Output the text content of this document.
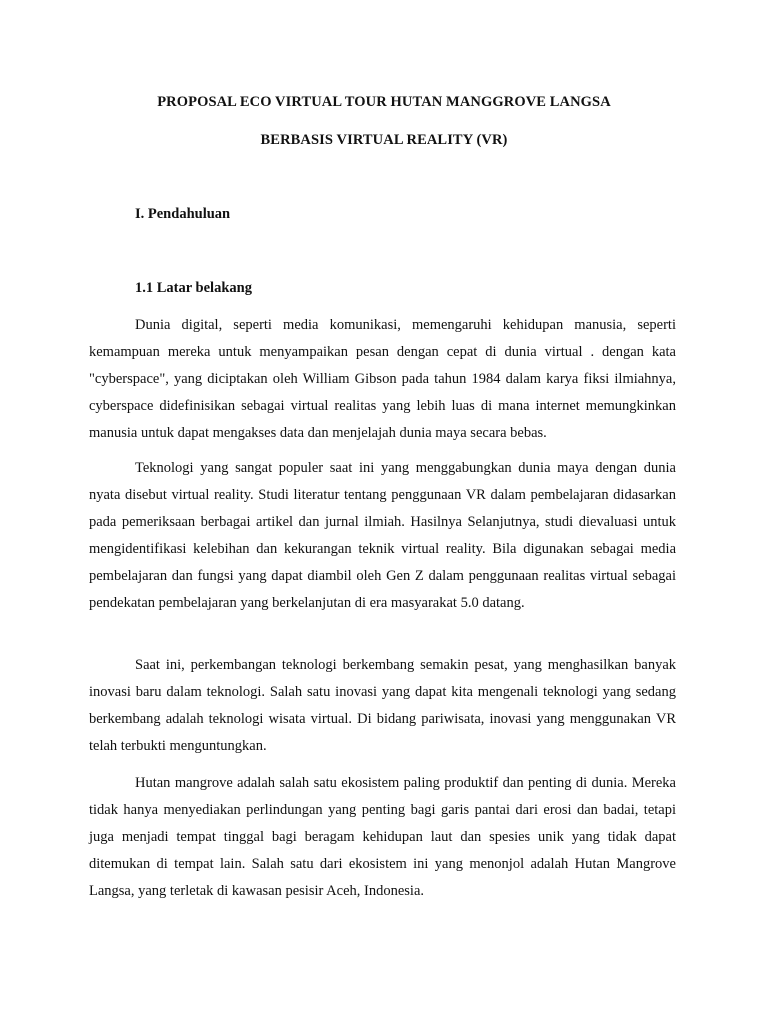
PROPOSAL ECO VIRTUAL TOUR HUTAN MANGGROVE LANGSA
BERBASIS VIRTUAL REALITY (VR)
I. Pendahuluan
1.1 Latar belakang

Dunia digital, seperti media komunikasi, memengaruhi kehidupan manusia, seperti kemampuan mereka untuk menyampaikan pesan dengan cepat di dunia virtual . dengan kata "cyberspace", yang diciptakan oleh William Gibson pada tahun 1984 dalam karya fiksi ilmiahnya, cyberspace didefinisikan sebagai virtual realitas yang lebih luas di mana internet memungkinkan manusia untuk dapat mengakses data dan menjelajah dunia maya secara bebas.

Teknologi yang sangat populer saat ini yang menggabungkan dunia maya dengan dunia nyata disebut virtual reality. Studi literatur tentang penggunaan VR dalam pembelajaran didasarkan pada pemeriksaan berbagai artikel dan jurnal ilmiah. Hasilnya Selanjutnya, studi dievaluasi untuk mengidentifikasi kelebihan dan kekurangan teknik virtual reality. Bila digunakan sebagai media pembelajaran dan fungsi yang dapat diambil oleh Gen Z dalam penggunaan realitas virtual sebagai pendekatan pembelajaran yang berkelanjutan di era masyarakat 5.0 datang.

Saat ini, perkembangan teknologi berkembang semakin pesat, yang menghasilkan banyak inovasi baru dalam teknologi. Salah satu inovasi yang dapat kita mengenali teknologi yang sedang berkembang adalah teknologi wisata virtual. Di bidang pariwisata, inovasi yang menggunakan VR telah terbukti menguntungkan.

Hutan mangrove adalah salah satu ekosistem paling produktif dan penting di dunia. Mereka tidak hanya menyediakan perlindungan yang penting bagi garis pantai dari erosi dan badai, tetapi juga menjadi tempat tinggal bagi beragam kehidupan laut dan spesies unik yang tidak dapat ditemukan di tempat lain. Salah satu dari ekosistem ini yang menonjol adalah Hutan Mangrove Langsa, yang terletak di kawasan pesisir Aceh, Indonesia.
